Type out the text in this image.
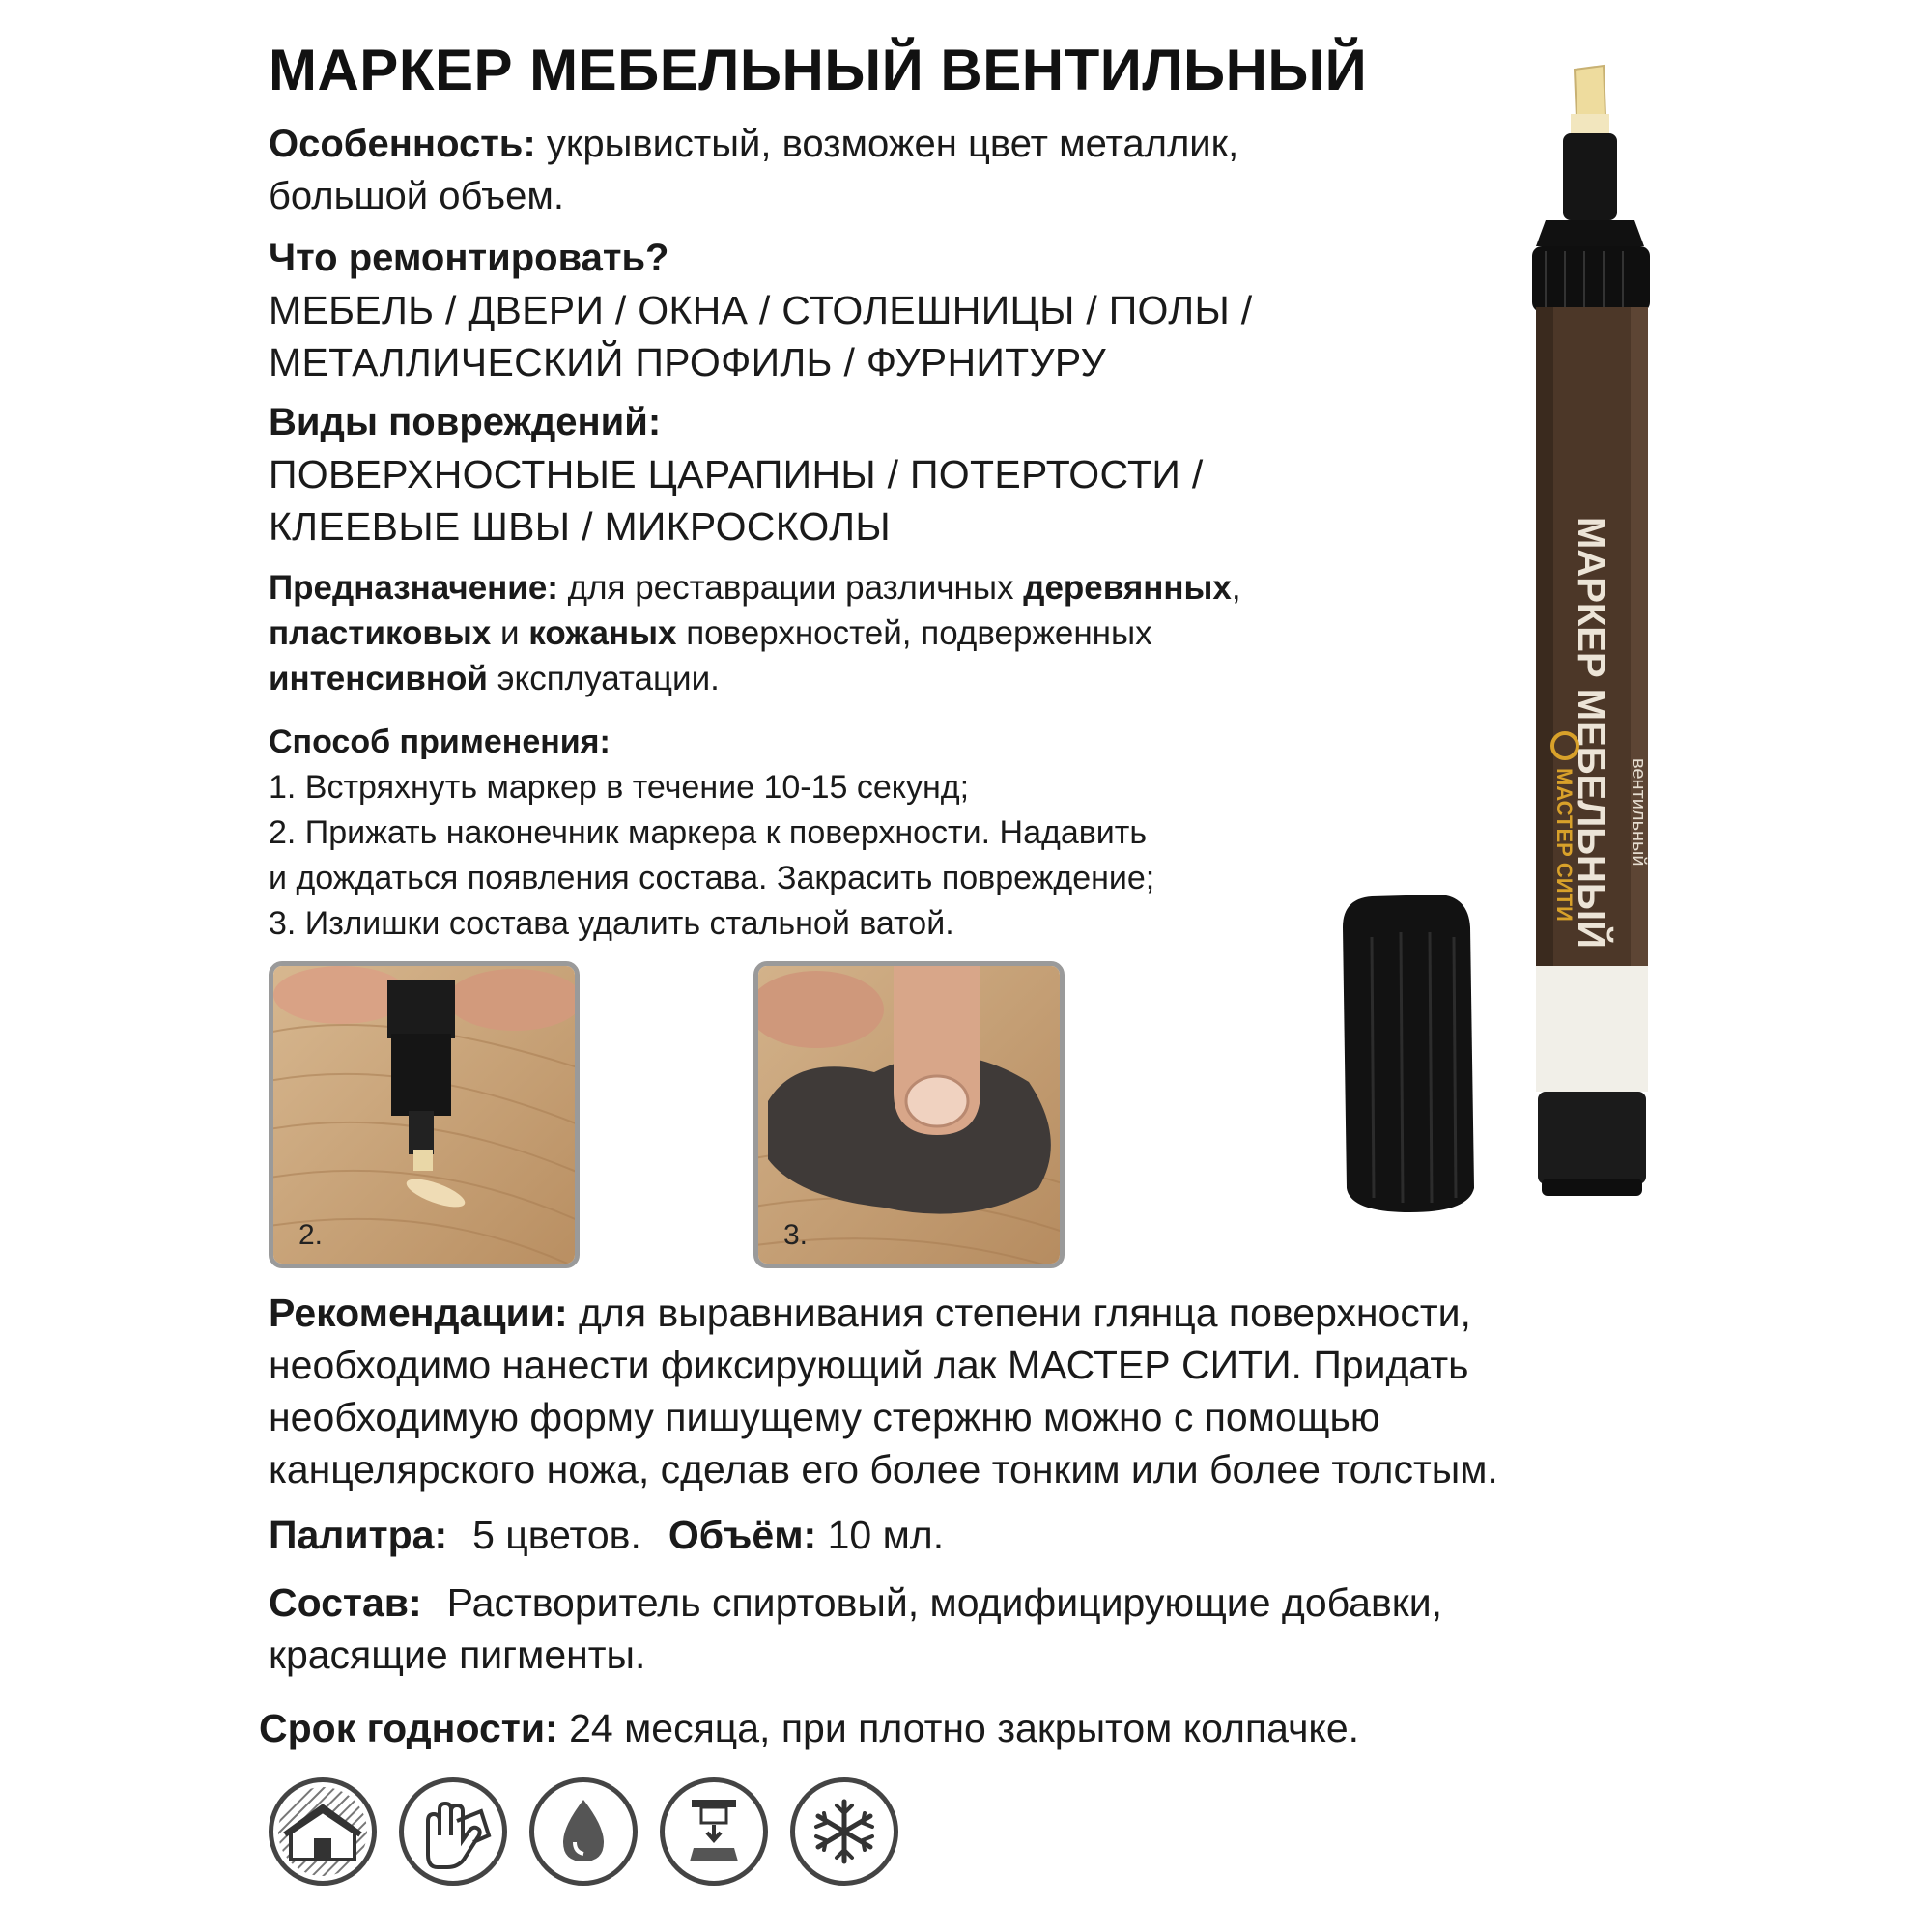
МАРКЕР МЕБЕЛЬНЫЙ ВЕНТИЛЬНЫЙ
Особенность: укрывистый, возможен цвет металлик,
большой объем.
Что ремонтировать?
МЕБЕЛЬ / ДВЕРИ / ОКНА / СТОЛЕШНИЦЫ / ПОЛЫ /
МЕТАЛЛИЧЕСКИЙ ПРОФИЛЬ / ФУРНИТУРУ
Виды повреждений:
ПОВЕРХНОСТНЫЕ ЦАРАПИНЫ / ПОТЕРТОСТИ /
КЛЕЕВЫЕ ШВЫ / МИКРОСКОЛЫ
Предназначение: для реставрации различных деревянных,
пластиковых и кожаных поверхностей, подверженных
интенсивной эксплуатации.
Способ применения:
1. Встряхнуть маркер в течение 10-15 секунд;
2. Прижать наконечник маркера к поверхности. Надавить
и дождаться появления состава. Закрасить повреждение;
3. Излишки состава удалить стальной ватой.
2.	3.
МАРКЕР МЕБЕЛЬНЫЙ
МАСТЕР СИТИ	вентильный
Рекомендации: для выравнивания степени глянца поверхности,
необходимо нанести фиксирующий лак МАСТЕР СИТИ. Придать
необходимую форму пишущему стержню можно с помощью
канцелярского ножа, сделав его более тонким или более толстым.
Палитра: 5 цветов. Объём: 10 мл.
Состав: Растворитель спиртовый, модифицирующие добавки,
красящие пигменты.
Срок годности: 24 месяца, при плотно закрытом колпачке.
